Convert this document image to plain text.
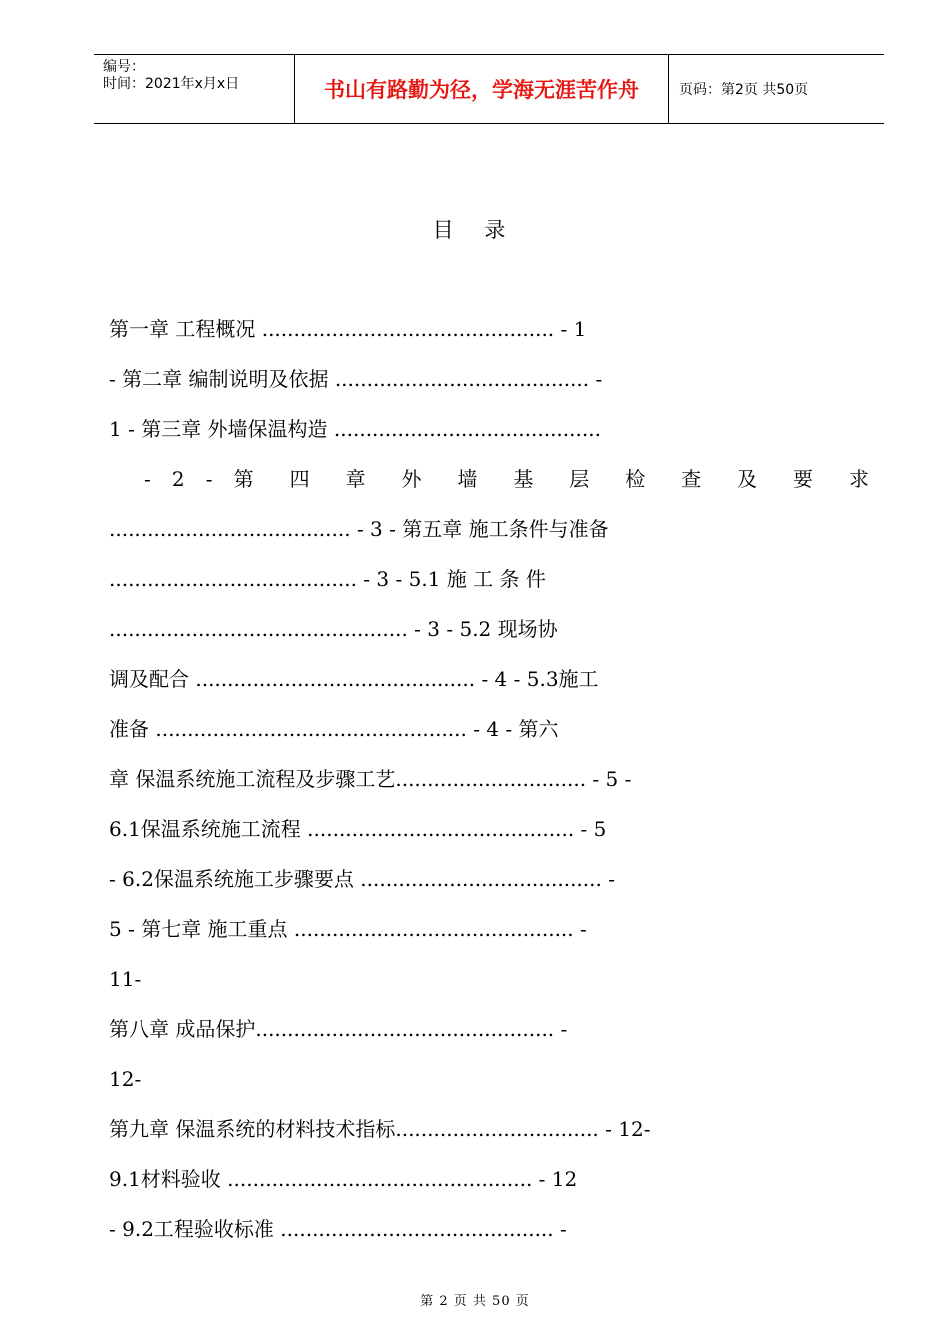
编号：
时间：2021年x月x日	书山有路勤为径，学海无涯苦作舟	页码：第2页 共50页
目 录
第一章 工程概况 .............................................. - 1
- 第二章 编制说明及依据 ........................................ -
1 - 第三章 外墙保温构造 ..........................................
- 2 - 第 四 章 外 墙 基 层 检 查 及 要 求
...................................... - 3 - 第五章 施工条件与准备
....................................... - 3 - 5.1 施 工 条 件
............................................... - 3 - 5.2 现场协
调及配合 ............................................ - 4 - 5.3施工
准备 ................................................. - 4 - 第六
章 保温系统施工流程及步骤工艺.............................. - 5 -
6.1保温系统施工流程 .......................................... - 5
- 6.2保温系统施工步骤要点 ...................................... -
5 - 第七章 施工重点 ............................................ -
11-
第八章 成品保护............................................... -
12-
第九章 保温系统的材料技术指标................................ - 12-
9.1材料验收 ................................................ - 12
- 9.2工程验收标准 ........................................... -
第 2 页 共 50 页
